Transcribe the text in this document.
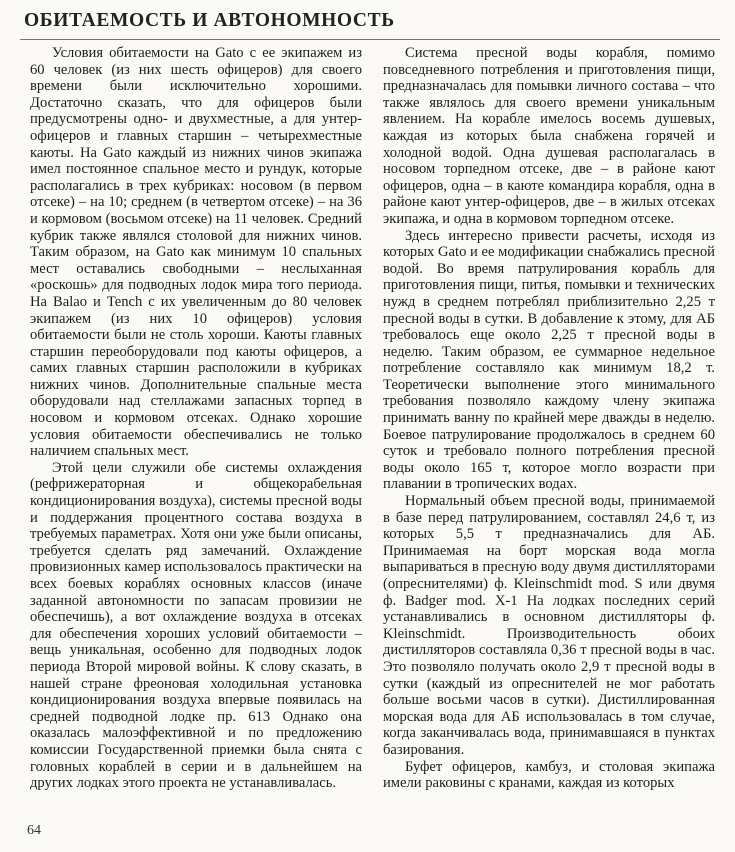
ОБИТАЕМОСТЬ И АВТОНОМНОСТЬ

Условия обитаемости на Gato с ее экипажем из 60 человек (из них шесть офицеров) для своего времени были исключительно хорошими. Достаточно сказать, что для офицеров были предусмотрены одно- и двухместные, а для унтер-офицеров и главных старшин – четырехместные каюты. На Gato каждый из нижних чинов экипажа имел постоянное спальное место и рундук, которые располагались в трех кубриках: носовом (в первом отсеке) – на 10; среднем (в четвертом отсеке) – на 36 и кормовом (восьмом отсеке) на 11 человек. Средний кубрик также являлся столовой для нижних чинов. Таким образом, на Gato как минимум 10 спальных мест оставались свободными – неслыханная «роскошь» для подводных лодок мира того периода. На Balao и Tench с их увеличенным до 80 человек экипажем (из них 10 офицеров) условия обитаемости были не столь хороши. Каюты главных старшин переоборудовали под каюты офицеров, а самих главных старшин расположили в кубриках нижних чинов. Дополнительные спальные места оборудовали над стеллажами запасных торпед в носовом и кормовом отсеках. Однако хорошие условия обитаемости обеспечивались не только наличием спальных мест.

Этой цели служили обе системы охлаждения (рефрижераторная и общекорабельная кондиционирования воздуха), системы пресной воды и поддержания процентного состава воздуха в требуемых параметрах. Хотя они уже были описаны, требуется сделать ряд замечаний. Охлаждение провизионных камер использовалось практически на всех боевых кораблях основных классов (иначе заданной автономности по запасам провизии не обеспечишь), а вот охлаждение воздуха в отсеках для обеспечения хороших условий обитаемости – вещь уникальная, особенно для подводных лодок периода Второй мировой войны. К слову сказать, в нашей стране фреоновая холодильная установка кондиционирования воздуха впервые появилась на средней подводной лодке пр. 613 Однако она оказалась малоэффективной и по предложению комиссии Государственной приемки была снята с головных кораблей в серии и в дальнейшем на других лодках этого проекта не устанавливалась.

Система пресной воды корабля, помимо повседневного потребления и приготовления пищи, предназначалась для помывки личного состава – что также являлось для своего времени уникальным явлением. На корабле имелось восемь душевых, каждая из которых была снабжена горячей и холодной водой. Одна душевая располагалась в носовом торпедном отсеке, две – в районе кают офицеров, одна – в каюте командира корабля, одна в районе кают унтер-офицеров, две – в жилых отсеках экипажа, и одна в кормовом торпедном отсеке.

Здесь интересно привести расчеты, исходя из которых Gato и ее модификации снабжались пресной водой. Во время патрулирования корабль для приготовления пищи, питья, помывки и технических нужд в среднем потреблял приблизительно 2,25 т пресной воды в сутки. В добавление к этому, для АБ требовалось еще около 2,25 т пресной воды в неделю. Таким образом, ее суммарное недельное потребление составляло как минимум 18,2 т. Теоретически выполнение этого минимального требования позволяло каждому члену экипажа принимать ванну по крайней мере дважды в неделю. Боевое патрулирование продолжалось в среднем 60 суток и требовало полного потребления пресной воды около 165 т, которое могло возрасти при плавании в тропических водах.

Нормальный объем пресной воды, принимаемой в базе перед патрулированием, составлял 24,6 т, из которых 5,5 т предназначались для АБ. Принимаемая на борт морская вода могла выпариваться в пресную воду двумя дистилляторами (опреснителями) ф. Kleinschmidt mod. S или двумя ф. Badger mod. X-1 На лодках последних серий устанавливались в основном дистилляторы ф. Kleinschmidt. Производительность обоих дистилляторов составляла 0,36 т пресной воды в час. Это позволяло получать около 2,9 т пресной воды в сутки (каждый из опреснителей не мог работать больше восьми часов в сутки). Дистиллированная морская вода для АБ использовалась в том случае, когда заканчивалась вода, принимавшаяся в пунктах базирования.

Буфет офицеров, камбуз, и столовая экипажа имели раковины с кранами, каждая из которых

64
